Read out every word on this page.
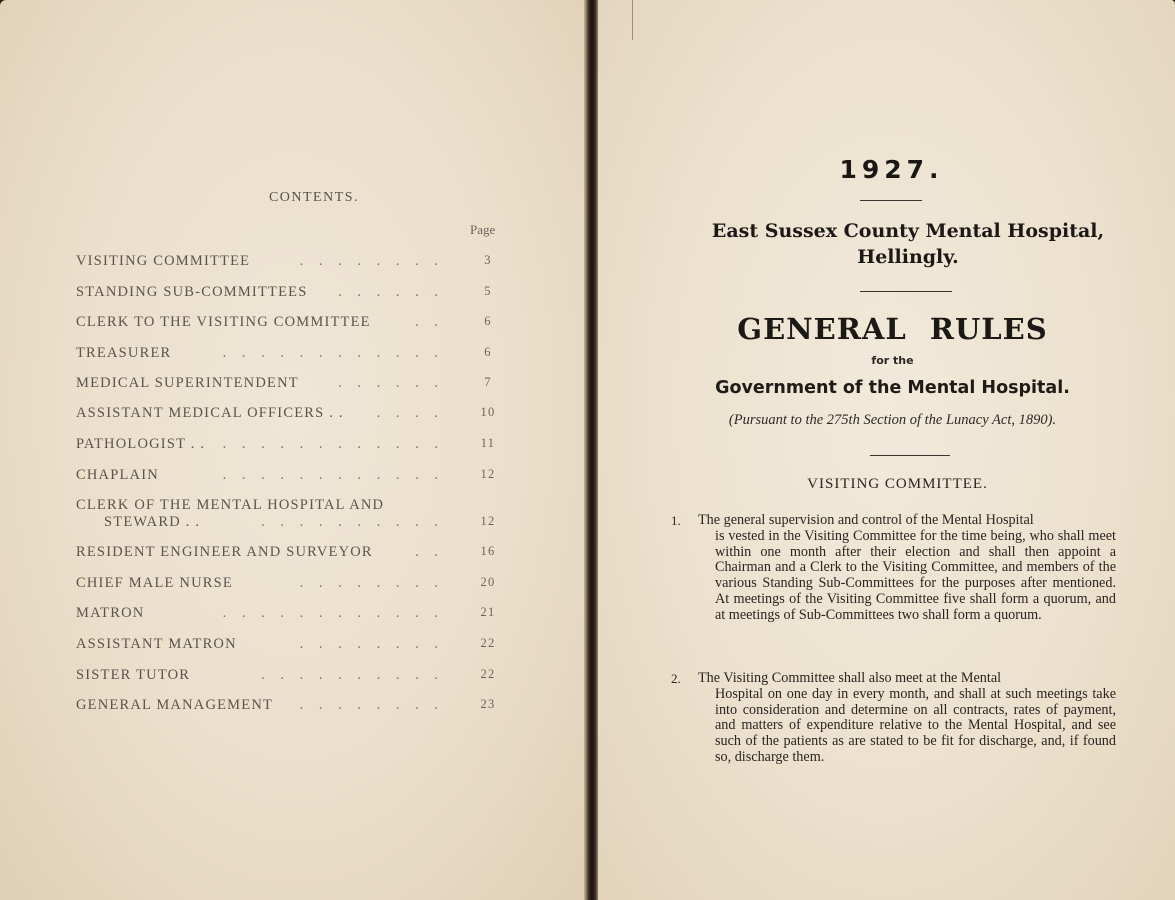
CONTENTS.
Page
VISITING COMMITTEE	. . . . . . . .	3
STANDING SUB-COMMITTEES . . . . . .	5
CLERK TO THE VISITING COMMITTEE	. .	6
TREASURER	. . . . . . . . . . . .	6
MEDICAL SUPERINTENDENT	. . . . . .	7
ASSISTANT MEDICAL OFFICERS . . . . . .	10
PATHOLOGIST . . . . . . . . . . . . . .	11
CHAPLAIN	. . . . . . . . . . . .	12
CLERK OF THE MENTAL HOSPITAL AND
STEWARD . .	. . . . . . . . . .	12
RESIDENT ENGINEER AND SURVEYOR	. .	16
CHIEF MALE NURSE	. . . . . . . .	20
MATRON	. . . . . . . . . . . .	21
ASSISTANT MATRON	. . . . . . . .	22
SISTER TUTOR	. . . . . . . . . .	22
GENERAL MANAGEMENT . . . . . . . .	23
1927.
East Sussex County Mental Hospital,
Hellingly.
GENERAL RULES
for the
Government of the Mental Hospital.
(Pursuant to the 275th Section of the Lunacy Act, 1890).
VISITING COMMITTEE.
1. The general supervision and control of the Mental Hospital
is vested in the Visiting Committee for the time being, who shall meet within one month after their election and shall then appoint a Chairman and a Clerk to the Visiting Committee, and members of the various Standing Sub-Committees for the purposes after mentioned. At meetings of the Visiting Committee five shall form a quorum, and at meetings of Sub-Committees two shall form a quorum.
2. The Visiting Committee shall also meet at the Mental
Hospital on one day in every month, and shall at such meetings take into consideration and determine on all contracts, rates of payment, and matters of expenditure relative to the Mental Hospital, and see such of the patients as are stated to be fit for discharge, and, if found so, discharge them.
